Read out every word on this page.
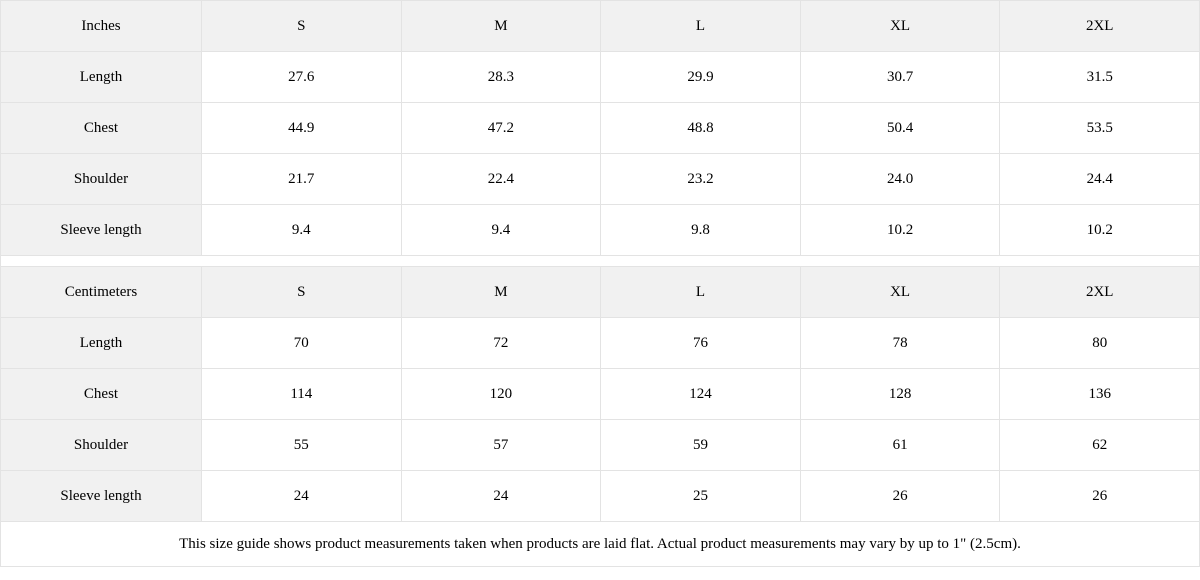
Inches	S	M	L	XL	2XL
Length	27.6	28.3	29.9	30.7	31.5
Chest	44.9	47.2	48.8	50.4	53.5
Shoulder	21.7	22.4	23.2	24.0	24.4
Sleeve length	9.4	9.4	9.8	10.2	10.2
Centimeters	S	M	L	XL	2XL
Length	70	72	76	78	80
Chest	114	120	124	128	136
Shoulder	55	57	59	61	62
Sleeve length	24	24	25	26	26
This size guide shows product measurements taken when products are laid flat. Actual product measurements may vary by up to 1" (2.5cm).
